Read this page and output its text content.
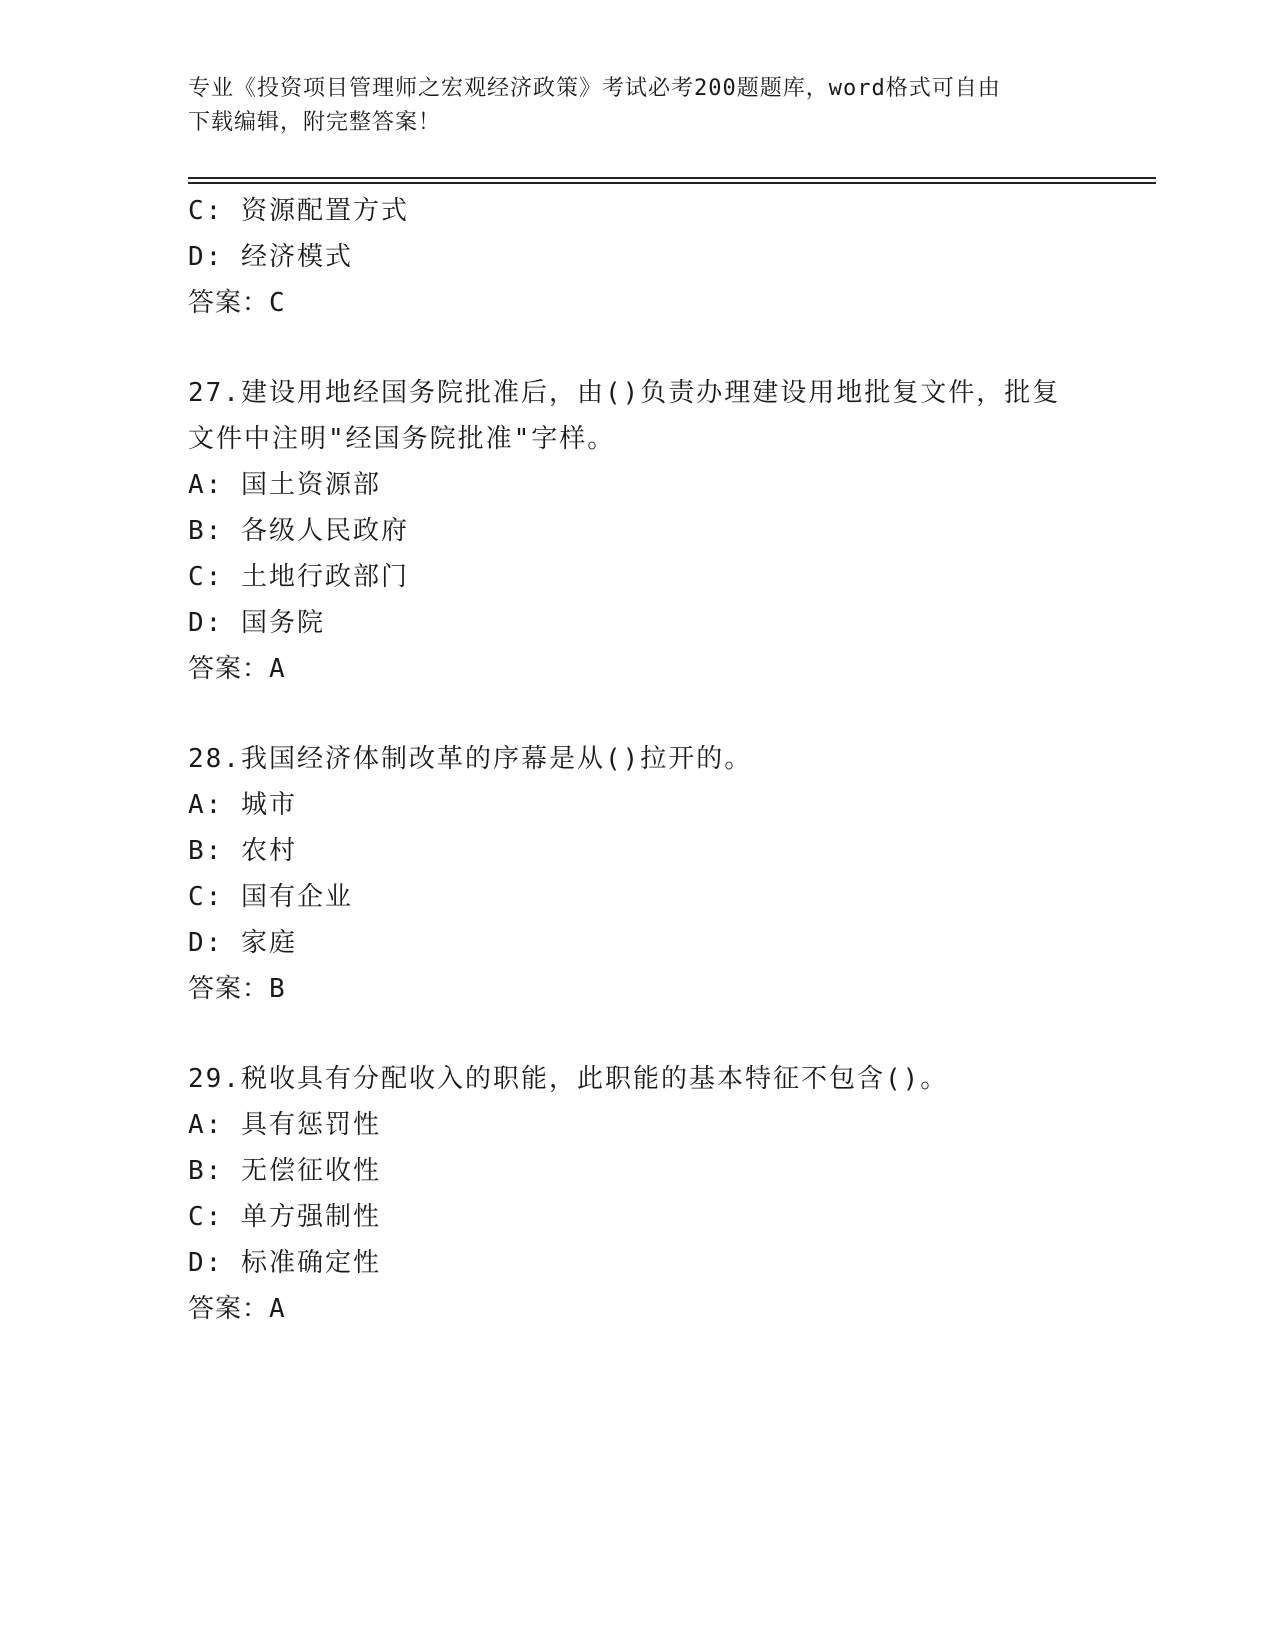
专业《投资项目管理师之宏观经济政策》考试必考200题题库，word格式可自由
下载编辑，附完整答案！
C: 资源配置方式
D: 经济模式
答案：C
27.建设用地经国务院批准后，由()负责办理建设用地批复文件，批复
文件中注明"经国务院批准"字样。
A: 国土资源部
B: 各级人民政府
C: 土地行政部门
D: 国务院
答案：A
28.我国经济体制改革的序幕是从()拉开的。
A: 城市
B: 农村
C: 国有企业
D: 家庭
答案：B
29.税收具有分配收入的职能，此职能的基本特征不包含()。
A: 具有惩罚性
B: 无偿征收性
C: 单方强制性
D: 标准确定性
答案：A
